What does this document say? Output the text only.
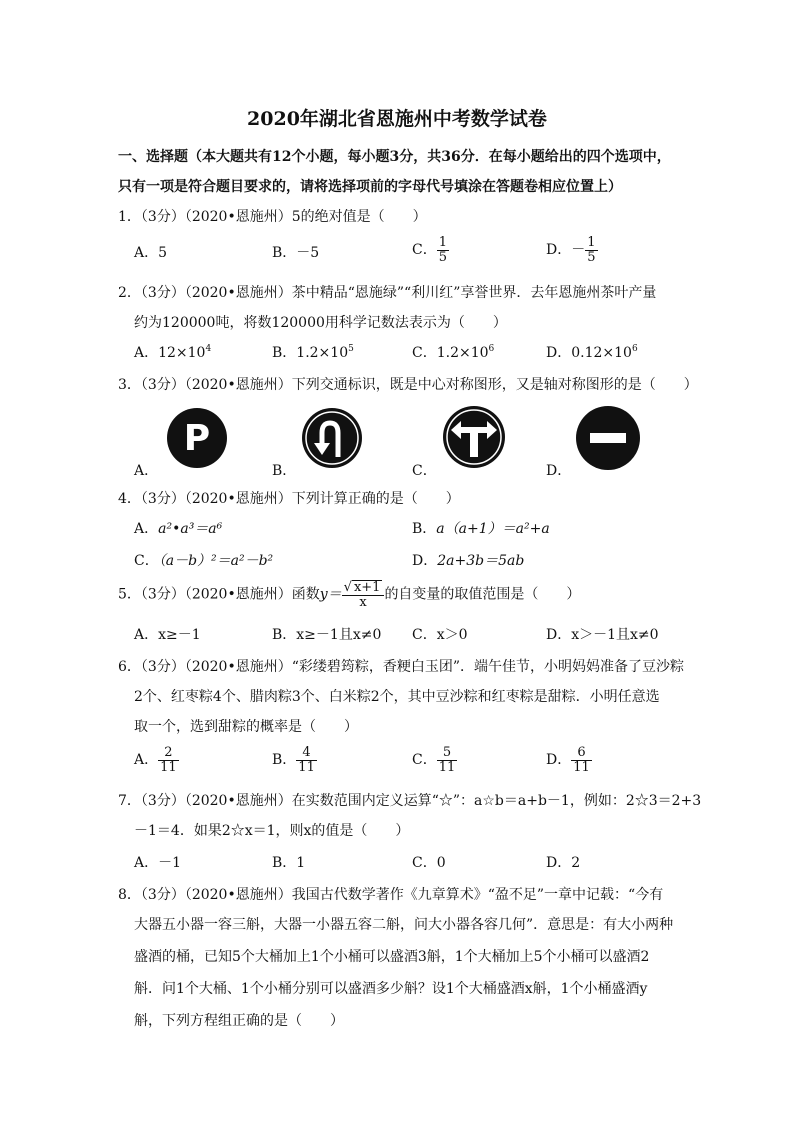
2020年湖北省恩施州中考数学试卷
一、选择题（本大题共有12个小题，每小题3分，共36分．在每小题给出的四个选项中，
只有一项是符合题目要求的，请将选择项前的字母代号填涂在答题卷相应位置上）
1．（3分）（2020•恩施州）5的绝对值是（　　）
A．5	B．－5	C． $\frac{1}{5}$	D．－ $\frac{1}{5}$
2．（3分）（2020•恩施州）茶中精品“恩施绿”“利川红”享誉世界．去年恩施州茶叶产量
约为120000吨，将数120000用科学记数法表示为（　　）
A．$12\times 10^4$	B．$1.2\times 10^5$	C．$1.2\times 10^6$	D．$0.12\times 10^6$
3．（3分）（2020•恩施州）下列交通标识，既是中心对称图形，又是轴对称图形的是（　　）
P
A．	B．	C．	D．
4．（3分）（2020•恩施州）下列计算正确的是（　　）
A．a²•a³＝a⁶	B．a（a+1）＝a²+a
C．（a－b）²＝a²－b²	D．2a+3b＝5ab
5．（3分）（2020•恩施州）函数$y= \frac{√ x+1}{x}$ 的自变量的取值范围是（　　）
A．x≥－1	B．x≥－1且x≠0 C．x＞0	D．x＞－1且x≠0
6．（3分）（2020•恩施州）“彩缕碧筠粽，香粳白玉团”．端午佳节，小明妈妈准备了豆沙粽
2个、红枣粽4个、腊肉粽3个、白米粽2个，其中豆沙粽和红枣粽是甜粽．小明任意选
取一个，选到甜粽的概率是（　　）
A． $\frac{2}{11}$	B． $\frac{4}{11}$	C． $\frac{5}{11}$	D． $\frac{6}{11}$
7．（3分）（2020•恩施州）在实数范围内定义运算“☆”：a☆b＝a+b－1，例如：2☆3＝2+3
－1＝4．如果2☆x＝1，则x的值是（　　）
A．－1	B．1	C．0	D．2
8．（3分）（2020•恩施州）我国古代数学著作《九章算术》“盈不足”一章中记载：“今有
大器五小器一容三斛，大器一小器五容二斛，问大小器各容几何”．意思是：有大小两种
盛酒的桶，已知5个大桶加上1个小桶可以盛酒3斛，1个大桶加上5个小桶可以盛酒2
斛．问1个大桶、1个小桶分别可以盛酒多少斛？设1个大桶盛酒x斛，1个小桶盛酒y
斛，下列方程组正确的是（　　）
